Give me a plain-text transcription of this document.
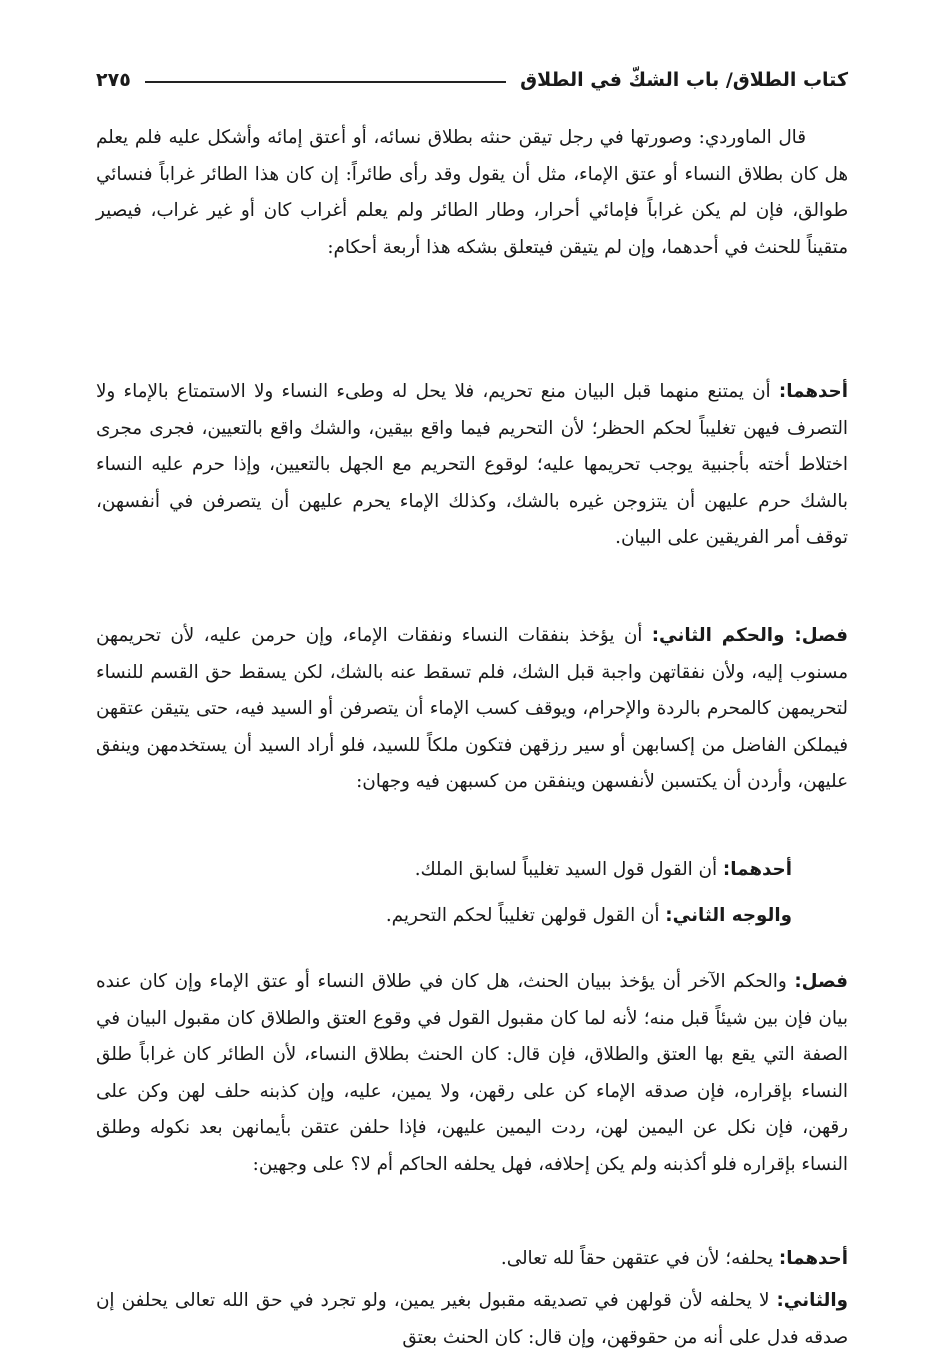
كتاب الطلاق/ باب الشكّ في الطلاق
٢٧٥

قال الماوردي: وصورتها في رجل تيقن حنثه بطلاق نسائه، أو أعتق إمائه وأشكل عليه فلم يعلم هل كان بطلاق النساء أو عتق الإماء، مثل أن يقول وقد رأى طائراً: إن كان هذا الطائر غراباً فنسائي طوالق، فإن لم يكن غراباً فإمائي أحرار، وطار الطائر ولم يعلم أغراب كان أو غير غراب، فيصير متقيناً للحنث في أحدهما، وإن لم يتيقن فيتعلق بشكه هذا أربعة أحكام:

أحدهما: أن يمتنع منهما قبل البيان منع تحريم، فلا يحل له وطىء النساء ولا الاستمتاع بالإماء ولا التصرف فيهن تغليباً لحكم الحظر؛ لأن التحريم فيما واقع بيقين، والشك واقع بالتعيين، فجرى مجرى اختلاط أخته بأجنبية يوجب تحريمها عليه؛ لوقوع التحريم مع الجهل بالتعيين، وإذا حرم عليه النساء بالشك حرم عليهن أن يتزوجن غيره بالشك، وكذلك الإماء يحرم عليهن أن يتصرفن في أنفسهن، توقف أمر الفريقين على البيان.

فصل: والحكم الثاني: أن يؤخذ بنفقات النساء ونفقات الإماء، وإن حرمن عليه، لأن تحريمهن مسنوب إليه، ولأن نفقاتهن واجبة قبل الشك، فلم تسقط عنه بالشك، لكن يسقط حق القسم للنساء لتحريمهن كالمحرم بالردة والإحرام، ويوقف كسب الإماء أن يتصرفن أو السيد فيه، حتى يتيقن عتقهن فيملكن الفاضل من إكسابهن أو سير رزقهن فتكون ملكاً للسيد، فلو أراد السيد أن يستخدمهن وينفق عليهن، وأردن أن يكتسبن لأنفسهن وينفقن من كسبهن فيه وجهان:

أحدهما: أن القول قول السيد تغليباً لسابق الملك.

والوجه الثاني: أن القول قولهن تغليباً لحكم التحريم.

فصل: والحكم الآخر أن يؤخذ ببيان الحنث، هل كان في طلاق النساء أو عتق الإماء وإن كان عنده بيان فإن بين شيئاً قبل منه؛ لأنه لما كان مقبول القول في وقوع العتق والطلاق كان مقبول البيان في الصفة التي يقع بها العتق والطلاق، فإن قال: كان الحنث بطلاق النساء، لأن الطائر كان غراباً طلق النساء بإقراره، فإن صدقه الإماء كن على رقهن، ولا يمين، عليه، وإن كذبنه حلف لهن وكن على رقهن، فإن نكل عن اليمين لهن، ردت اليمين عليهن، فإذا حلفن عتقن بأيمانهن بعد نكوله وطلق النساء بإقراره فلو أكذبنه ولم يكن إحلافه، فهل يحلفه الحاكم أم لا؟ على وجهين:

أحدهما: يحلفه؛ لأن في عتقهن حقاً لله تعالى.

والثاني: لا يحلفه لأن قولهن في تصديقه مقبول بغير يمين، ولو تجرد في حق الله تعالى يحلفن إن صدقه فدل على أنه من حقوقهن، وإن قال: كان الحنث بعتق
